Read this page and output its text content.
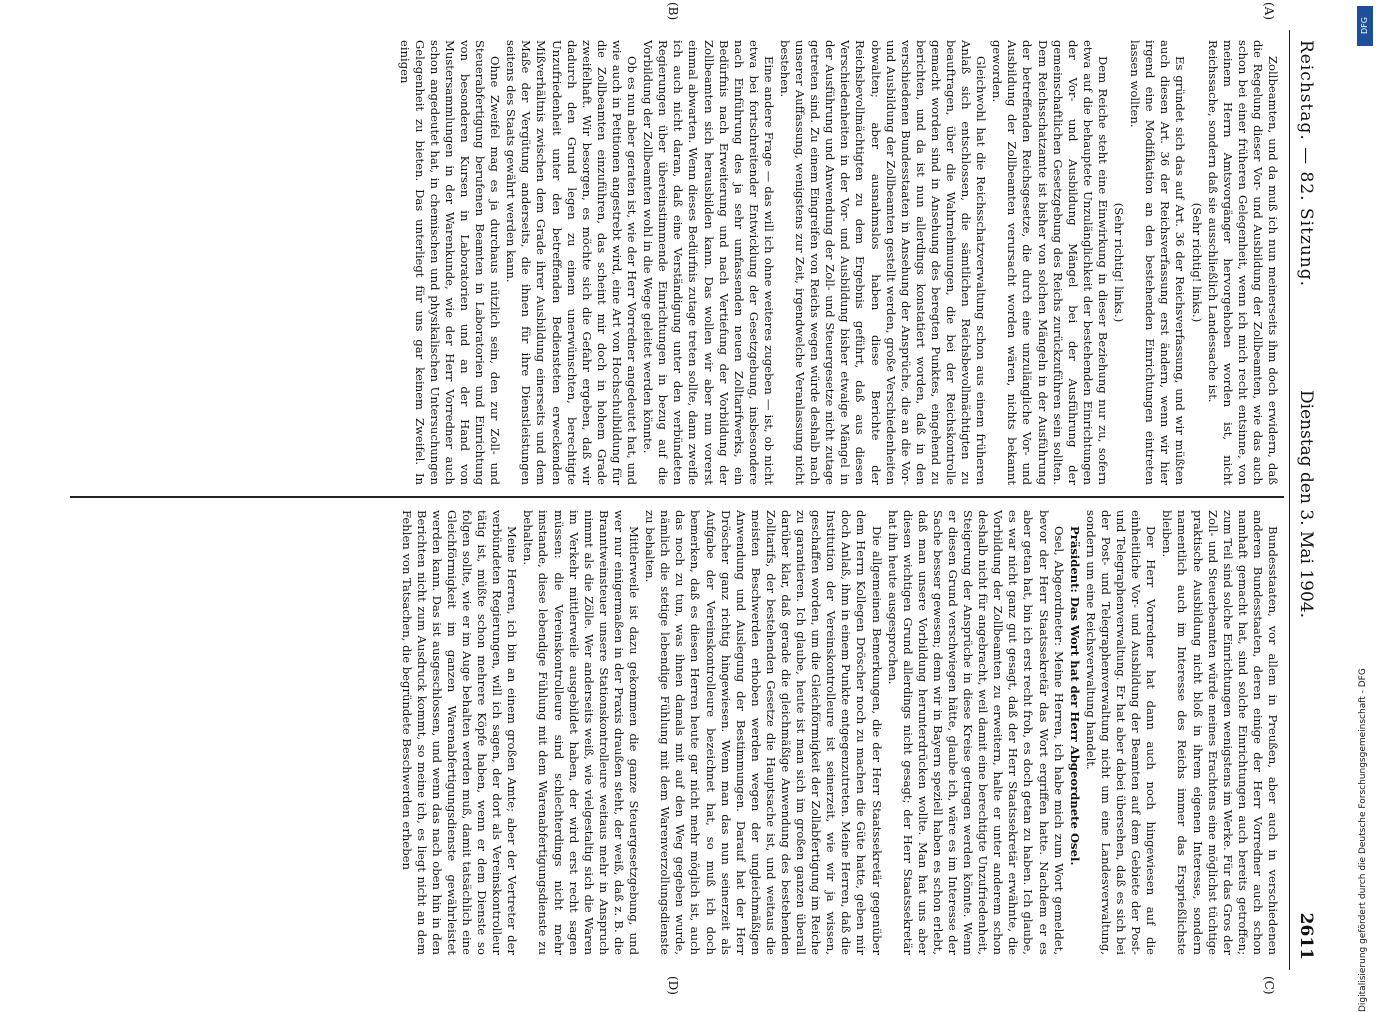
Reichstag. — 82. Sitzung.
Dienstag den 3. Mai 1904.
2611

Zollbeamten, und da muß ich nun meinerseits ihm doch erwidern, daß die Regelung dieser Vor- und Ausbildung der Zollbeamten, wie das auch schon bei einer früheren Gelegenheit, wenn ich mich recht entsinne, von meinem Herrn Amtsvorgänger hervorgehoben worden ist, nicht Reichssache, sondern daß sie ausschließlich Landessache ist.

(Sehr richtig! links.)

Es gründet sich das auf Art. 36 der Reichsverfassung, und wir müßten auch diesen Art. 36 der Reichsverfassung erst ändern, wenn wir hier irgend eine Modifikation an den bestehenden Einrichtungen eintreten lassen wollten.

(Sehr richtig! links.)

Dem Reiche steht eine Einwirkung in dieser Beziehung nur zu, sofern etwa auf die behauptete Unzulänglichkeit der bestehenden Einrichtungen der Vor- und Ausbildung Mängel bei der Ausführung der gemeinschaftlichen Gesetzgebung des Reichs zurückzuführen sein sollten. Dem Reichsschatzamte ist bisher von solchen Mängeln in der Ausführung der betreffenden Reichsgesetze, die durch eine unzulängliche Vor- und Ausbildung der Zollbeamten verursacht worden wären, nichts bekannt geworden.

Gleichwohl hat die Reichsschatzverwaltung schon aus einem früheren Anlaß sich entschlossen, die sämtlichen Reichsbevollmächtigten zu beauftragen, über die Wahrnehmungen, die bei der Reichskontrolle gemacht worden sind in Ansehung des beregten Punktes, eingehend zu berichten, und da ist nun allerdings konstatiert worden, daß in den verschiedenen Bundesstaaten in Ansehung der Ansprüche, die an die Vor- und Ausbildung der Zollbeamten gestellt werden, große Verschiedenheiten obwalten; aber ausnahmslos haben diese Berichte der Reichsbevollmächtigten zu dem Ergebnis geführt, daß aus diesen Verschiedenheiten in der Vor- und Ausbildung bisher etwaige Mängel in der Ausführung und Anwendung der Zoll- und Steuergesetze nicht zutage getreten sind. Zu einem Eingreifen von Reichs wegen würde deshalb nach unserer Auffassung, wenigstens zur Zeit, irgendwelche Veranlassung nicht bestehen.

Eine andere Frage — das will ich ohne weiteres zugeben — ist, ob nicht etwa bei fortschreitender Entwicklung der Gesetzgebung, insbesondere nach Einführung des ja sehr umfassenden neuen Zolltarifwerks, ein Bedürfnis nach Erweiterung und nach Vertiefung der Vorbildung der Zollbeamten sich herausbilden kann. Das wollen wir aber nun vorerst einmal abwarten. Wenn dieses Bedürfnis zutage treten sollte, dann zweifle ich auch nicht daran, daß eine Verständigung unter den verbündeten Regierungen über übereinstimmende Einrichtungen in bezug auf die Vorbildung der Zollbeamten wohl in die Wege geleitet werden könnte.

Ob es nun aber geraten ist, wie der Herr Vorredner angedeutet hat, und wie auch in Petitionen angestrebt wird, eine Art von Hochschulbildung für die Zollbeamten einzuführen, das scheint mir doch in hohem Grade zweifelhaft. Wir besorgen, es möchte sich die Gefahr ergeben, daß wir dadurch den Grund legen zu einem unerwünschten, berechtigte Unzufriedenheit unter den betreffenden Bediensteten erweckenden Mißverhältnis zwischen dem Grade ihrer Ausbildung einerseits und dem Maße der Vergütung anderseits, die ihnen für ihre Dienstleistungen seitens des Staats gewährt werden kann.

Ohne Zweifel mag es ja durchaus nützlich sein, den zur Zoll- und Steuerabfertigung berufenen Beamten in Laboratorien und Einrichtung von besonderen Kursen in Laboratorien und an der Hand von Mustersammlungen in der Warenkunde, wie der Herr Vorredner auch schon angedeutet hat, in chemischen und physikalischen Untersuchungen Gelegenheit zu bieten. Das unterliegt für uns gar keinem Zweifel. In einigen

Bundesstaaten, vor allem in Preußen, aber auch in verschiedenen anderen Bundesstaaten, deren einige der Herr Vorredner auch schon namhaft gemacht hat, sind solche Einrichtungen auch bereits getroffen; zum Teil sind solche Einrichtungen wenigstens im Werke. Für das Gros der Zoll- und Steuerbeamten würde meines Erachtens eine möglichst tüchtige praktische Ausbildung nicht bloß in ihrem eigenen Interesse, sondern namentlich auch im Interesse des Reichs immer das Ersprießlichste bleiben.

Der Herr Vorredner hat dann auch noch hingewiesen auf die einheitliche Vor- und Ausbildung der Beamten auf dem Gebiete der Post- und Telegraphenverwaltung. Er hat aber dabei übersehen, daß es sich bei der Post- und Telegraphenverwaltung nicht um eine Landesverwaltung, sondern um eine Reichsverwaltung handelt.

Präsident: Das Wort hat der Herr Abgeordnete Osel.

Osel, Abgeordneter: Meine Herren, ich habe mich zum Wort gemeldet, bevor der Herr Staatssekretär das Wort ergriffen hatte. Nachdem er es aber getan hat, bin ich erst recht froh, es doch getan zu haben. Ich glaube, es war nicht ganz gut gesagt, daß der Herr Staatssekretär erwähnte, die Vorbildung der Zollbeamten zu erweitern, halte er unter anderem schon deshalb nicht für angebracht, weil damit eine berechtigte Unzufriedenheit, Steigerung der Ansprüche in diese Kreise getragen werden könnte. Wenn er diesen Grund verschwiegen hätte, glaube ich, wäre es im Interesse der Sache besser gewesen; denn wir in Bayern speziell haben es schon erlebt, daß man unsere Vorbildung herunterdrücken wollte. Man hat uns aber diesen wichtigen Grund allerdings nicht gesagt; der Herr Staatssekretär hat ihn heute ausgesprochen.

Die allgemeinen Bemerkungen, die der Herr Staatssekretär gegenüber dem Herrn Kollegen Dröscher noch zu machen die Güte hatte, geben mir doch Anlaß, ihm in einem Punkte entgegenzutreten. Meine Herren, daß die Institution der Vereinskontrolleure ist seinerzeit, wie wir ja wissen, geschaffen worden, um die Gleichförmigkeit der Zollabfertigung im Reiche zu garantieren. Ich glaube, heute ist man sich im großen ganzen überall darüber klar, daß gerade die gleichmäßige Anwendung des bestehenden Zolltarifs, der bestehenden Gesetze die Hauptsache ist, und weitaus die meisten Beschwerden erhoben werden wegen der ungleichmäßigen Anwendung und Auslegung der Bestimmungen. Darauf hat der Herr Dröscher ganz richtig hingewiesen. Wenn man das nun seinerzeit als Aufgabe der Vereinskontrolleure bezeichnet hat, so muß ich doch bemerken, daß es diesen Herren heute gar nicht mehr möglich ist, auch das noch zu tun, was ihnen damals mit auf den Weg gegeben wurde, nämlich die stetige lebendige Fühlung mit dem Warenverzollungsdienste zu behalten.

Mittlerweile ist dazu gekommen die ganze Steuergesetzgebung, und wer nur einigermaßen in der Praxis draußen steht, der weiß, daß z. B. die Branntweinsteuer unsere Stationskontrolleure weitaus mehr in Anspruch nimmt als die Zölle. Wer anderseits weiß, wie vielgestaltig sich die Waren im Verkehr mittlerweile ausgebildet haben, der wird erst recht sagen müssen: die Vereinskontrolleure sind schlechterdings nicht mehr imstande, diese lebendige Fühlung mit dem Warenabfertigungsdienste zu behalten.

Meine Herren, ich bin an einem großen Amte; aber der Vertreter der verbündeten Regierungen, will ich sagen, der dort als Vereinskontrolleur tätig ist, müßte schon mehrere Köpfe haben, wenn er dem Dienste so folgen sollte, wie er im Auge behalten werden muß, damit tatsächlich eine Gleichförmigkeit im ganzen Warenabfertigungsdienste gewährleistet werden kann. Das ist ausgeschlossen, und wenn das nach oben hin in den Berichten nicht zum Ausdruck kommt, so meine ich, es liegt nicht an dem Fehlen von Tatsachen, die begründete Beschwerden erheben

(A)
(B)
(C)
(D)
DFG
Digitalisierung gefördert durch die Deutsche Forschungsgemeinschaft - DFG
